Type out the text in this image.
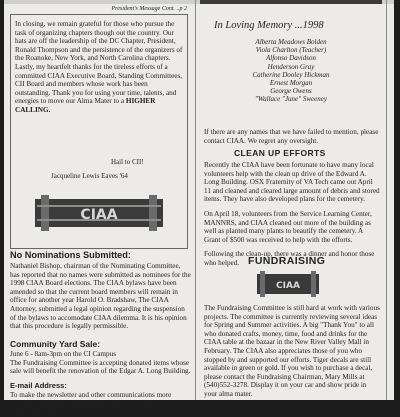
President's Message Cont. ..p 2
In closing, we remain grateful for those who pursue the task of organizing chapters though out the country. Our hats are off the leadership of the DC Chapter, President, Ronald Thompson and the persistence of the organizers of the Roanoke, New York, and North Carolina chapters. Lastly, my heartfelt thanks for the tireless efforts of a committed CIAA Executive Board, Standing Committees, CII Board and members whose work has been outstanding. Thank you for using your time, talents, and energies to move our Alma Mater to a HIGHER CALLING.
Hail to CII!
Jacqueline Lewis Eaves '64
CIAA
No Nominations Submitted:
Nathaniel Bishop, chairman of the Nominating Committee, has reported that no names were submitted as nominees for the 1998 CIAA Board elections. The CIAA bylaws have been amended so that the current board members will remain in office for another year Harold O. Bradshaw, The CIAA Attorney, submitted a legal opinion regarding the suspension of the bylaws to accomodate CIAA dilemma. It is his opinion that this procedure is legally permissible.
Community Yard Sale:
June 6 - 8am-3pm on the CI Campus
The Fundraising Committee is accepting donated items whose sale will benefit the renovation of the Edgar A. Long Building.
E-mail Address:
To make the newsletter and other communications more accessible, please E-Mail Myrtle Lewis your address to: wlewis@vt.edu
In Loving Memory ...1998
Alberta Meadows Bolden
Viola Charlton (Teacher)
Alfonso Davidson
Henderson Gray
Catherine Dooley Hickman
Ernest Morgan
George Owens
"Wallace "June" Sweeney
If there are any names that we have failed to mention, please contact CIAA. We regret any oversight.
CLEAN UP EFFORTS

Recently the CIAA have been fortunate to have many local volunteers help with the clean up drive of the Edward A. Long Building. OSX Fraternity of VA Tech came out April 11 and cleaned and cleared large amount of debris and stored items. They have also developed plans for the cemetery.

On April 18, volunteers from the Service Learning Center, MANNRS, and CIAA cleaned out more of the building as well as planted many plants to beautify the cemetery. A Grant of $500 was received to help with the efforts.

Following the clean-up, there was a dinner and honor those who helped. FUNDRAISING
CIAA
The Fundraising Committee is still hard at work with various projects. The committee is currently reviewing several ideas for Spring and Summer activities. A big "Thank You" to all who donated crafts, money, time, food and drinks for the CIAA table at the bazaar in the New River Valley Mall in February. The CIAA also appreciates those of you who stopped by and supported our efforts. Tiger decals are still available in green or gold. If you wish to purchase a decal, please contact the Fundraising Chairman, Mary Mills at (540)552-3278. Display it on your car and show pride in your alma mater.
